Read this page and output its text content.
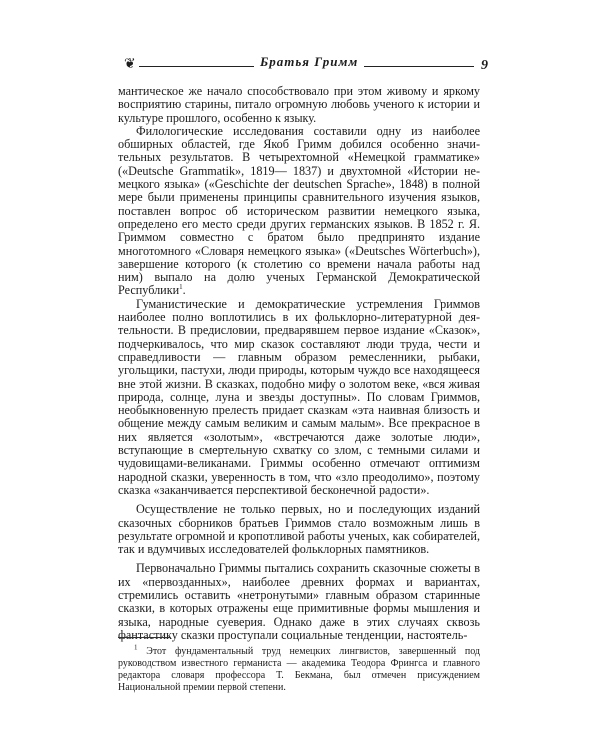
❦	Братья Гримм	9

мантическое же начало способствовало при этом живому и яркому восприятию старины, питало огромную любовь ученого к истории и культуре прошлого, особенно к языку.

Филологические исследования составили одну из наиболее обширных областей, где Якоб Гримм добился особенно значительных результатов. В четырехтомной «Немецкой грамматике» («Deutsche Grammatik», 1819— 1837) и двухтомной «Истории немецкого языка» («Geschichte der deutschen Sprache», 1848) в полной мере были применены принципы сравнительного изучения языков, поставлен вопрос об историческом развитии немецкого языка, определено его место среди других германских языков. В 1852 г. Я. Гриммом совместно с братом было предпринято издание многотомного «Словаря немецкого языка» («Deutsches Wörterbuch»), завершение которого (к столетию со времени начала работы над ним) выпало на долю ученых Германской Демократической Республики$^1$.

Гуманистические и демократические устремления Гриммов наиболее полно воплотились в их фольклорно-литературной деятельности. В предисловии, предварявшем первое издание «Сказок», подчеркивалось, что мир сказок составляют люди труда, чести и справедливости — главным образом ремесленники, рыбаки, угольщики, пастухи, люди природы, которым чуждо все находящееся вне этой жизни. В сказках, подобно мифу о золотом веке, «вся живая природа, солнце, луна и звезды доступны». По словам Гриммов, необыкновенную прелесть придает сказкам «эта наивная близость и общение между самым великим и самым малым». Все прекрасное в них является «золотым», «встречаются даже золотые люди», вступающие в смертельную схватку со злом, с темными силами и чудовищами-великанами. Гриммы особенно отмечают оптимизм народной сказки, уверенность в том, что «зло преодолимо», поэтому сказка «заканчивается перспективой бесконечной радости».

Осуществление не только первых, но и последующих изданий сказочных сборников братьев Гриммов стало возможным лишь в результате огромной и кропотливой работы ученых, как собирателей, так и вдумчивых исследователей фольклорных памятников.

Первоначально Гриммы пытались сохранить сказочные сюжеты в их «первозданных», наиболее древних формах и вариантах, стремились оставить «нетронутыми» главным образом старинные сказки, в которых отражены еще примитивные формы мышления и языка, народные суеверия. Однако даже в этих случаях сквозь фантастику сказки проступали социальные тенденции, настоятель-

$^1$ Этот фундаментальный труд немецких лингвистов, завершенный под руководством известного германиста — академика Теодора Фрингса и главного редактора словаря профессора Т. Бекмана, был отмечен присуждением Национальной премии первой степени.
